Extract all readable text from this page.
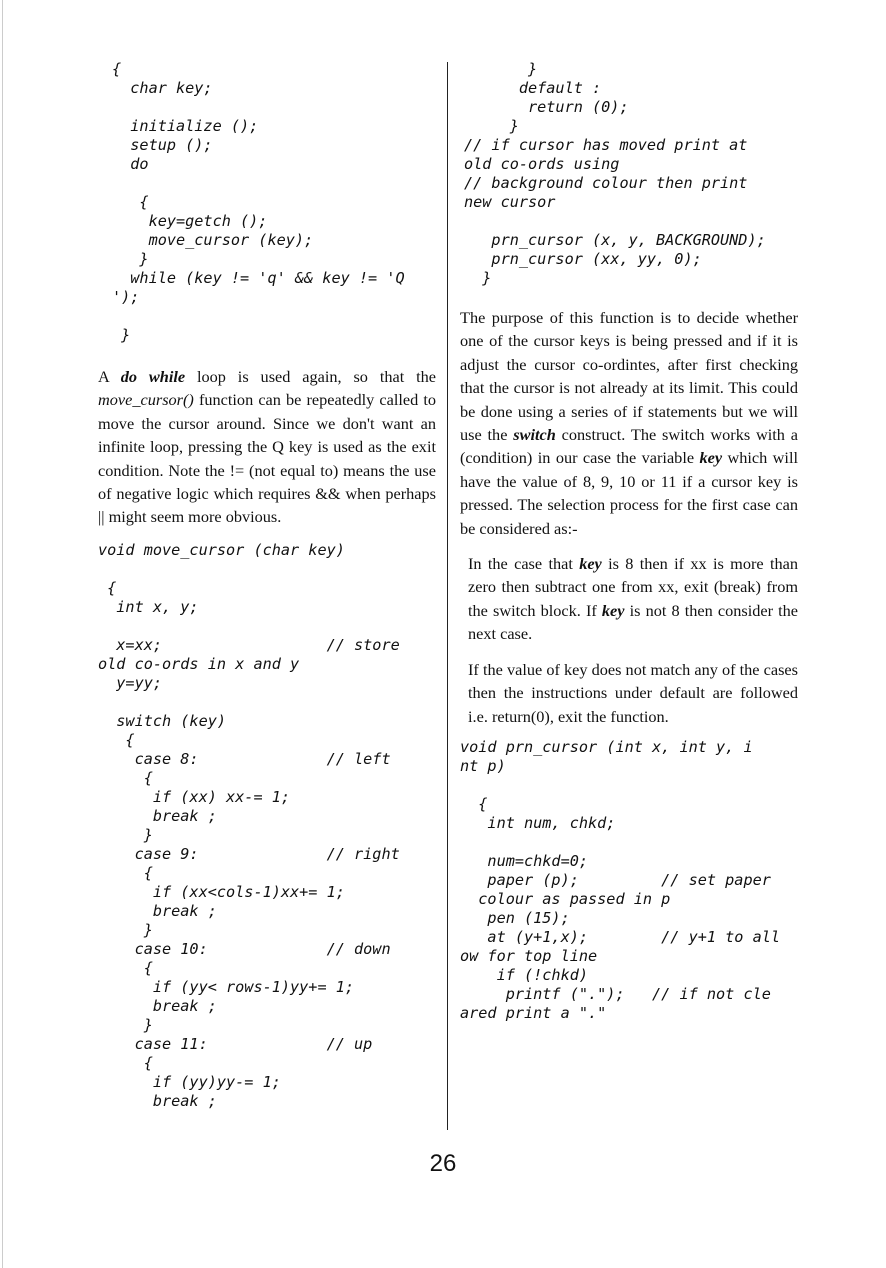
{
char key;

initialize ();
setup ();
do

{
key=getch ();
move_cursor (key);
}
while (key != 'q' && key != 'Q
');

}

A do while loop is used again, so that the move_cursor() function can be repeatedly called to move the cursor around. Since we don't want an infinite loop, pressing the Q key is used as the exit condition. Note the != (not equal to) means the use of negative logic which requires && when perhaps || might seem more obvious.

void move_cursor (char key)

{
int x, y;

x=xx;                  // store
old co-ords in x and y
y=yy;

switch (key)
{
case 8:              // left
{
if (xx) xx-= 1;
break ;
}
case 9:              // right
{
if (xx<cols-1)xx+= 1;
break ;
}
case 10:             // down
{
if (yy< rows-1)yy+= 1;
break ;
}
case 11:             // up
{
if (yy)yy-= 1;
break ;
}
default :
return (0);
}
// if cursor has moved print at
old co-ords using
// background colour then print
new cursor

prn_cursor (x, y, BACKGROUND);
prn_cursor (xx, yy, 0);
}

The purpose of this function is to decide whether one of the cursor keys is being pressed and if it is adjust the cursor co-ordintes, after first checking that the cursor is not already at its limit. This could be done using a series of if statements but we will use the switch construct. The switch works with a (condition) in our case the variable key which will have the value of 8, 9, 10 or 11 if a cursor key is pressed. The selection process for the first case can be considered as:-

In the case that key is 8 then if xx is more than zero then subtract one from xx, exit (break) from the switch block. If key is not 8 then consider the next case.

If the value of key does not match any of the cases then the instructions under default are followed i.e. return(0), exit the function.

void prn_cursor (int x, int y, i
nt p)

{
int num, chkd;

num=chkd=0;
paper (p);         // set paper
colour as passed in p
pen (15);
at (y+1,x);        // y+1 to all
ow for top line
if (!chkd)
printf (".");   // if not cle
ared print a "."
26
